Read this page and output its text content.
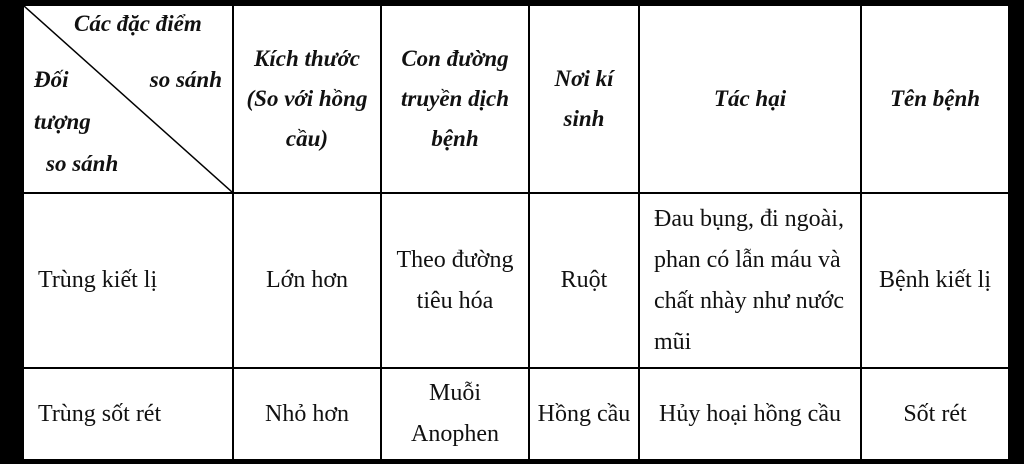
Các đặc điểm
Đối so sánh
tượng
so sánh	Kích thước (So với hồng cầu)	Con đường truyền dịch bệnh	Nơi kí sinh	Tác hại	Tên bệnh
Trùng kiết lị	Lớn hơn	Theo đường tiêu hóa	Ruột	Đau bụng, đi ngoài, phan có lẫn máu và chất nhày như nước mũi	Bệnh kiết lị
Trùng sốt rét	Nhỏ hơn	Muỗi Anophen	Hồng cầu	Hủy hoại hồng cầu	Sốt rét
